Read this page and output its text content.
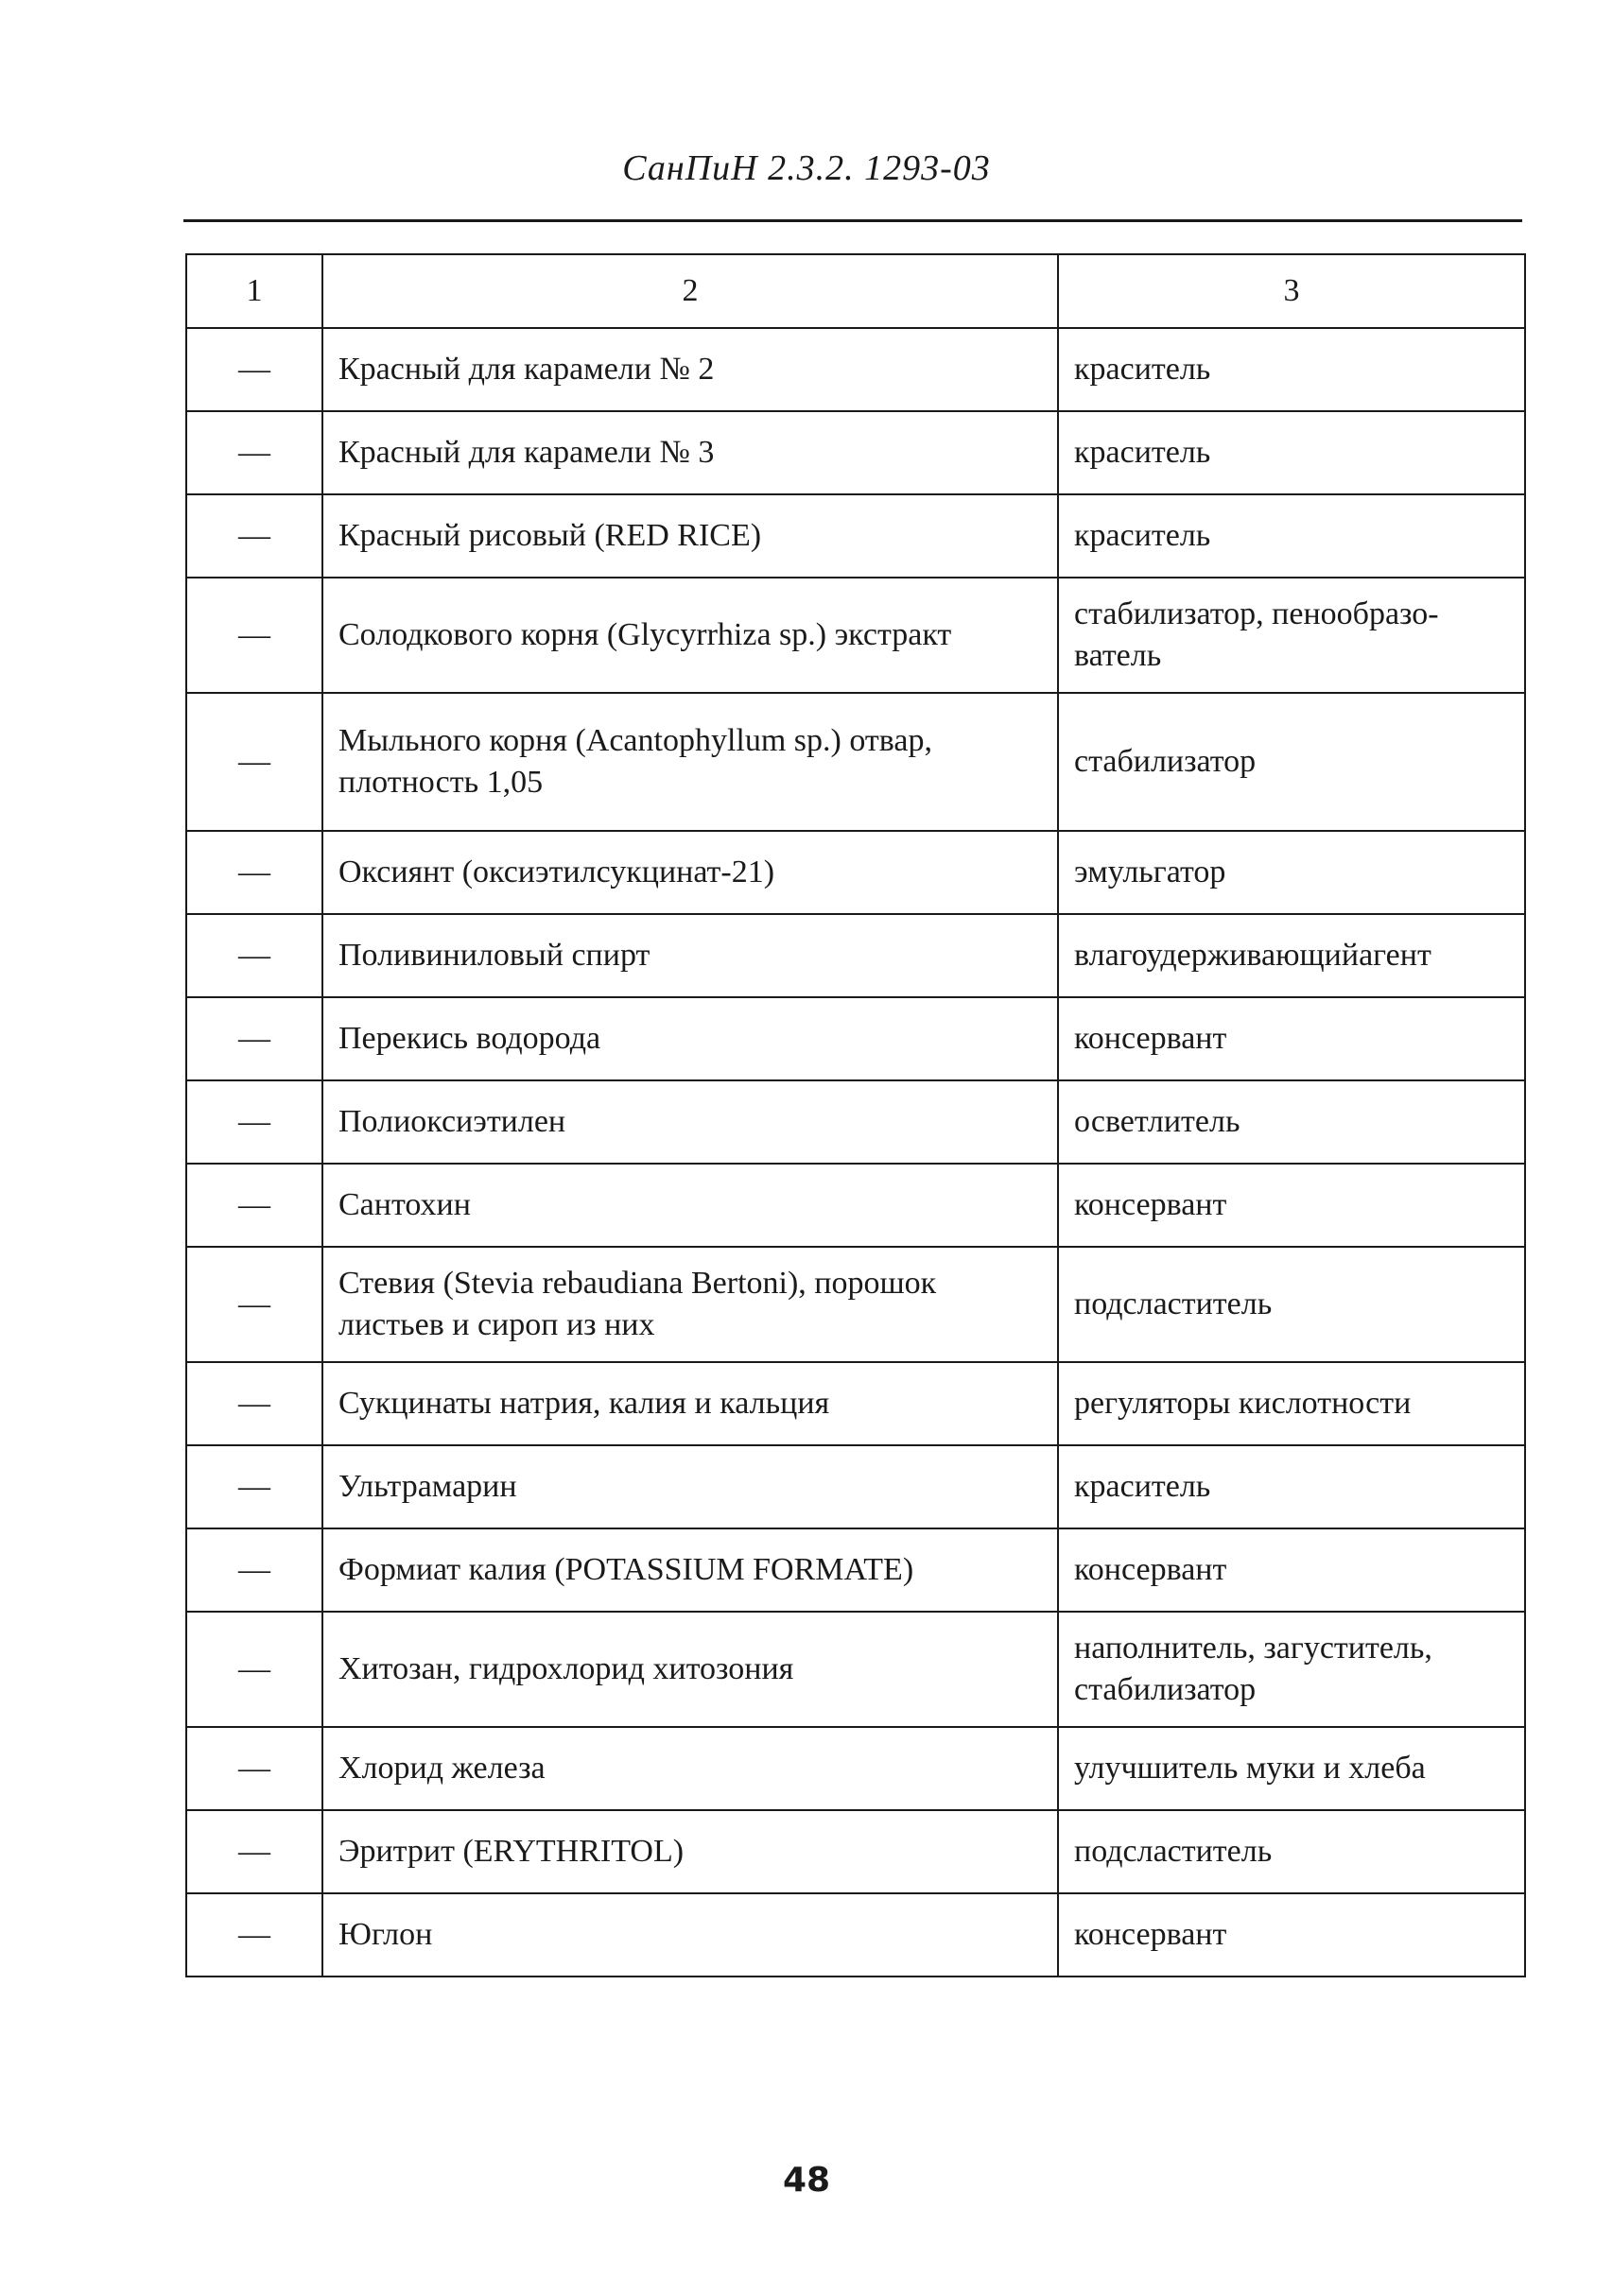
СанПиН 2.3.2. 1293-03
1	2	3
—	Красный для карамели № 2	краситель
—	Красный для карамели № 3	краситель
—	Красный рисовый (RED RICE)	краситель
—	Солодкового корня (Glycyrrhiza sp.) экстракт	стабилизатор, пенообразо-ватель
—	Мыльного корня (Acantophyllum sp.) отвар, плотность 1,05	стабилизатор
—	Оксиянт (оксиэтилсукцинат-21)	эмульгатор
—	Поливиниловый спирт	влагоудерживающийагент
—	Перекись водорода	консервант
—	Полиоксиэтилен	осветлитель
—	Сантохин	консервант
—	Стевия (Stevia rebaudiana Bertoni), порошок листьев и сироп из них	подсластитель
—	Сукцинаты натрия, калия и кальция	регуляторы кислотности
—	Ультрамарин	краситель
—	Формиат калия (POTASSIUM FORMATE)	консервант
—	Хитозан, гидрохлорид хитозония	наполнитель, загуститель, стабилизатор
—	Хлорид железа	улучшитель муки и хлеба
—	Эритрит (ERYTHRITOL)	подсластитель
—	Юглон	консервант
48
